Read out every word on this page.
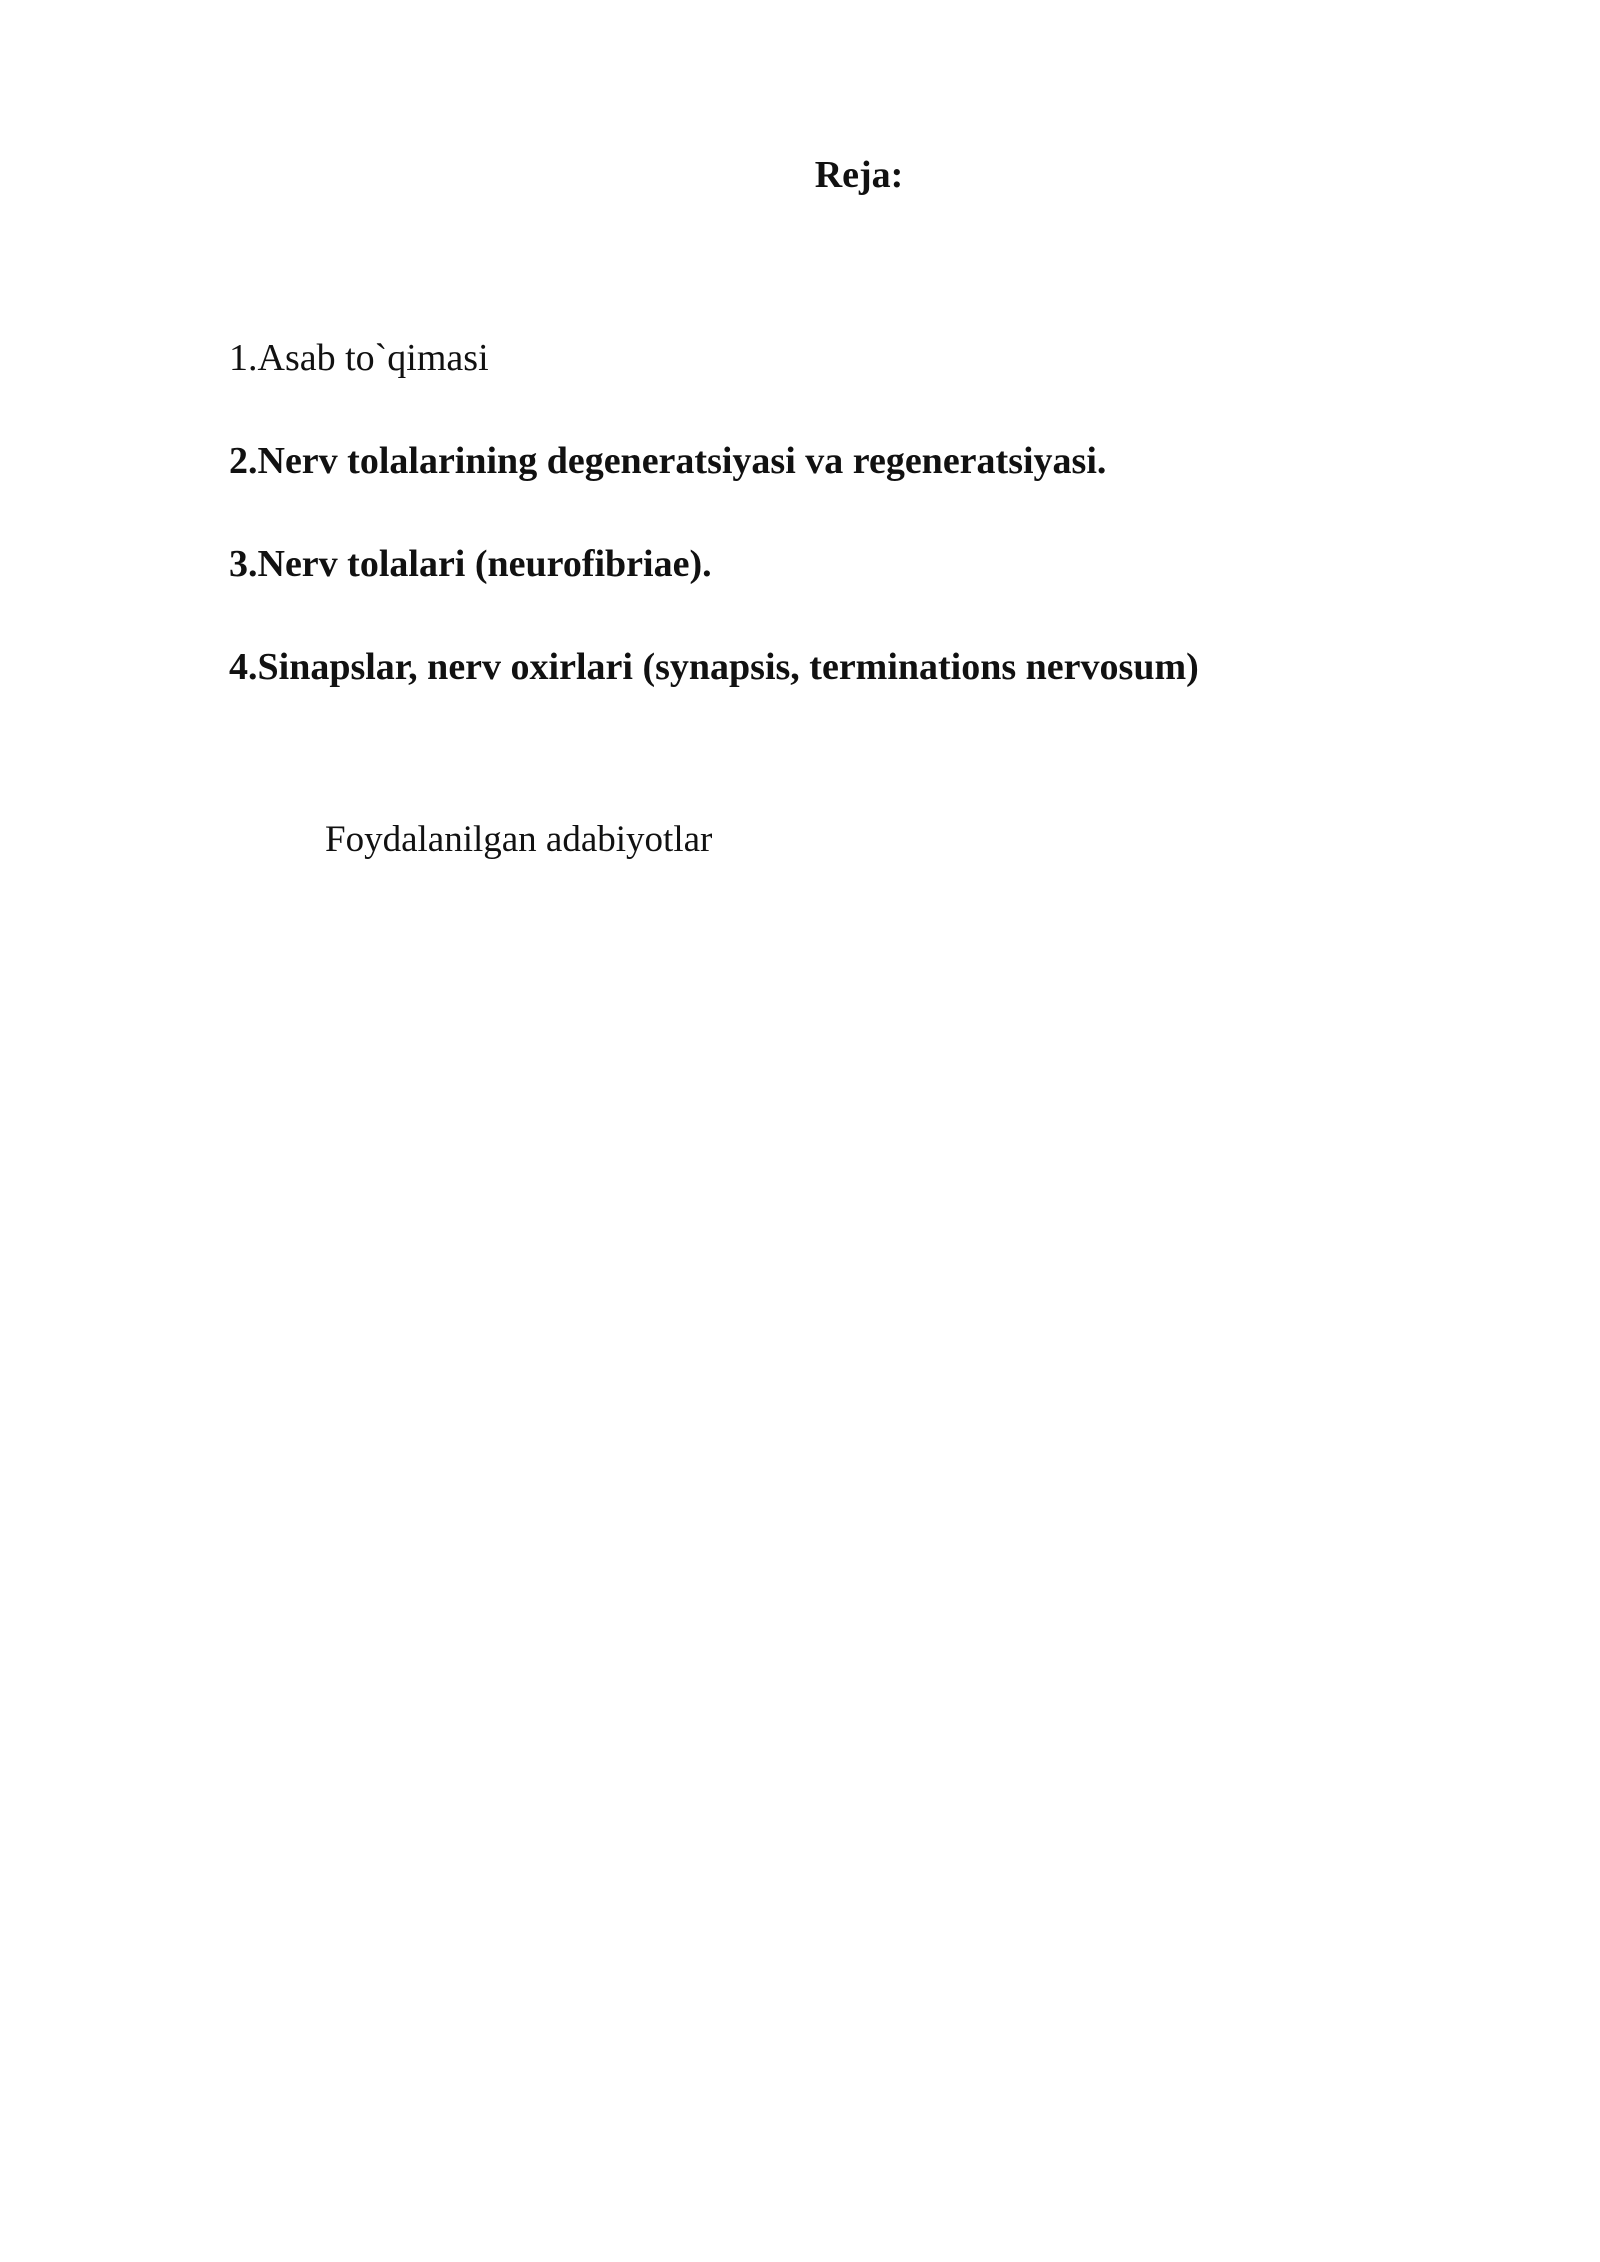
Reja:
1.Asab to`qimasi
2.Nerv tolalarining degeneratsiyasi va regeneratsiyasi.
3.Nerv tolalari (neurofibriae).
4.Sinapslar, nerv oxirlari (synapsis, terminations nervosum)
Foydalanilgan adabiyotlar
